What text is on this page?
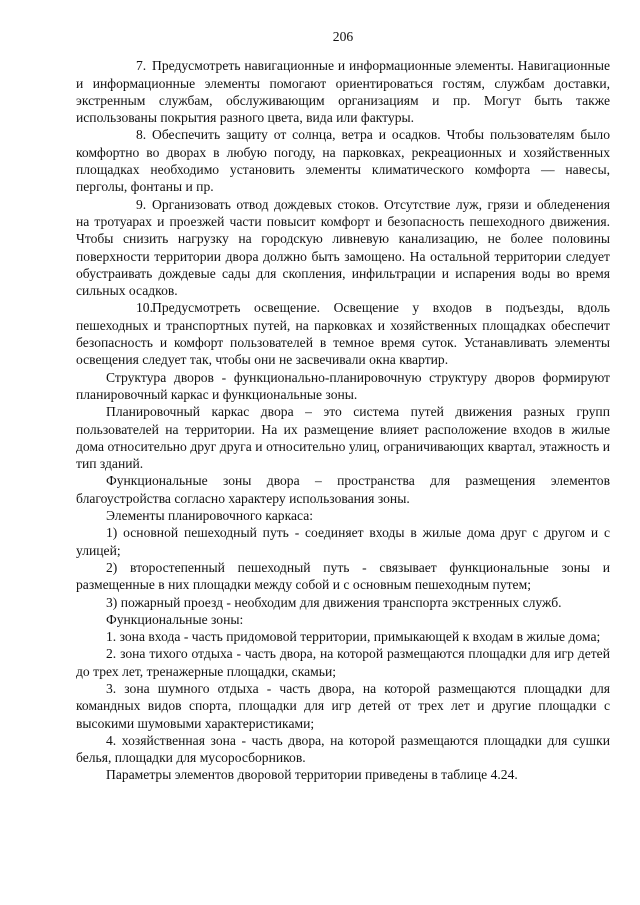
206

7. Предусмотреть навигационные и информационные элементы. Навигационные и информационные элементы помогают ориентироваться гостям, службам доставки, экстренным службам, обслуживающим организациям и пр. Могут быть также использованы покрытия разного цвета, вида или фактуры.

8. Обеспечить защиту от солнца, ветра и осадков. Чтобы пользователям было комфортно во дворах в любую погоду, на парковках, рекреационных и хозяйственных площадках необходимо установить элементы климатического комфорта — навесы, перголы, фонтаны и пр.

9. Организовать отвод дождевых стоков. Отсутствие луж, грязи и обледенения на тротуарах и проезжей части повысит комфорт и безопасность пешеходного движения. Чтобы снизить нагрузку на городскую ливневую канализацию, не более половины поверхности территории двора должно быть замощено. На остальной территории следует обустраивать дождевые сады для скопления, инфильтрации и испарения воды во время сильных осадков.

10.Предусмотреть освещение. Освещение у входов в подъезды, вдоль пешеходных и транспортных путей, на парковках и хозяйственных площадках обеспечит безопасность и комфорт пользователей в темное время суток. Устанавливать элементы освещения следует так, чтобы они не засвечивали окна квартир.

Структура дворов - функционально-планировочную структуру дворов формируют планировочный каркас и функциональные зоны.

Планировочный каркас двора – это система путей движения разных групп пользователей на территории. На их размещение влияет расположение входов в жилые дома относительно друг друга и относительно улиц, ограничивающих квартал, этажность и тип зданий.

Функциональные зоны двора – пространства для размещения элементов благоустройства согласно характеру использования зоны.

Элементы планировочного каркаса:

1) основной пешеходный путь - соединяет входы в жилые дома друг с другом и с улицей;

2) второстепенный пешеходный путь - связывает функциональные зоны и размещенные в них площадки между собой и с основным пешеходным путем;

3) пожарный проезд - необходим для движения транспорта экстренных служб.

Функциональные зоны:

1. зона входа - часть придомовой территории, примыкающей к входам в жилые дома;

2. зона тихого отдыха - часть двора, на которой размещаются площадки для игр детей до трех лет, тренажерные площадки, скамьи;

3. зона шумного отдыха - часть двора, на которой размещаются площадки для командных видов спорта, площадки для игр детей от трех лет и другие площадки с высокими шумовыми характеристиками;

4. хозяйственная зона - часть двора, на которой размещаются площадки для сушки белья, площадки для мусоросборников.

Параметры элементов дворовой территории приведены в таблице 4.24.
